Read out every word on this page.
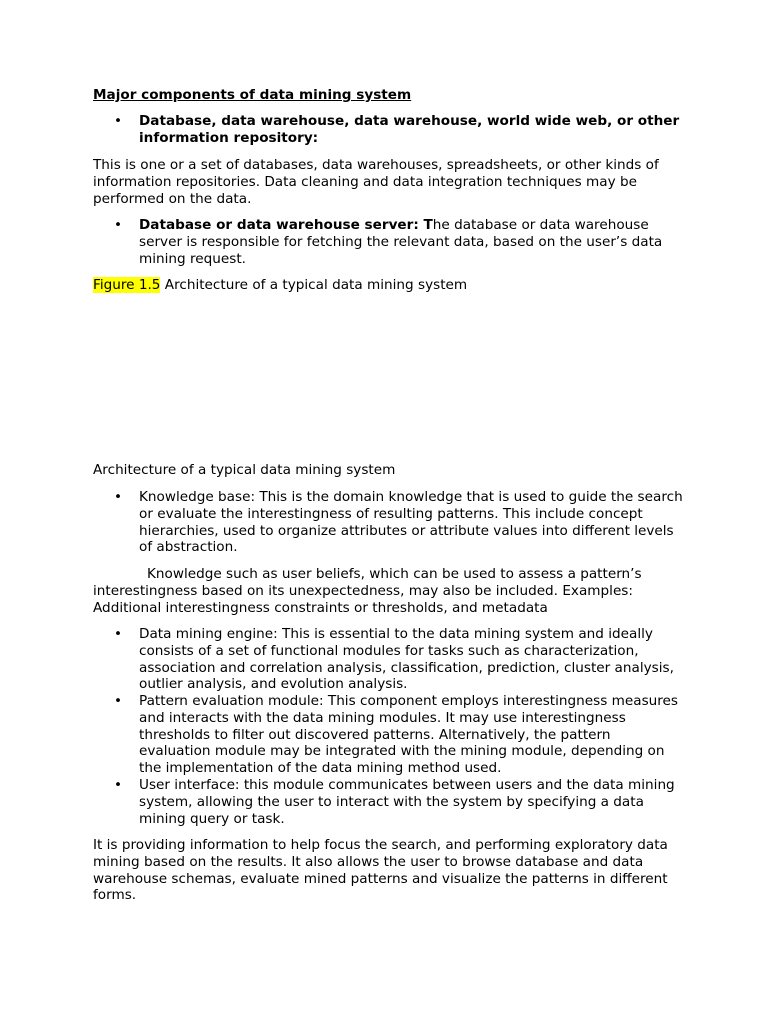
Major components of data mining system
• Database, data warehouse, data warehouse, world wide web, or other information repository:
This is one or a set of databases, data warehouses, spreadsheets, or other kinds of information repositories. Data cleaning and data integration techniques may be performed on the data.
• Database or data warehouse server: The database or data warehouse server is responsible for fetching the relevant data, based on the user’s data mining request.
Figure 1.5 Architecture of a typical data mining system
Architecture of a typical data mining system
• Knowledge base: This is the domain knowledge that is used to guide the search or evaluate the interestingness of resulting patterns. This include concept hierarchies, used to organize attributes or attribute values into different levels of abstraction.
Knowledge such as user beliefs, which can be used to assess a pattern’s interestingness based on its unexpectedness, may also be included. Examples: Additional interestingness constraints or thresholds, and metadata
• Data mining engine: This is essential to the data mining system and ideally consists of a set of functional modules for tasks such as characterization, association and correlation analysis, classification, prediction, cluster analysis, outlier analysis, and evolution analysis.
• Pattern evaluation module: This component employs interestingness measures and interacts with the data mining modules. It may use interestingness thresholds to filter out discovered patterns. Alternatively, the pattern evaluation module may be integrated with the mining module, depending on the implementation of the data mining method used.
• User interface: this module communicates between users and the data mining system, allowing the user to interact with the system by specifying a data mining query or task.
It is providing information to help focus the search, and performing exploratory data mining based on the results. It also allows the user to browse database and data warehouse schemas, evaluate mined patterns and visualize the patterns in different forms.
